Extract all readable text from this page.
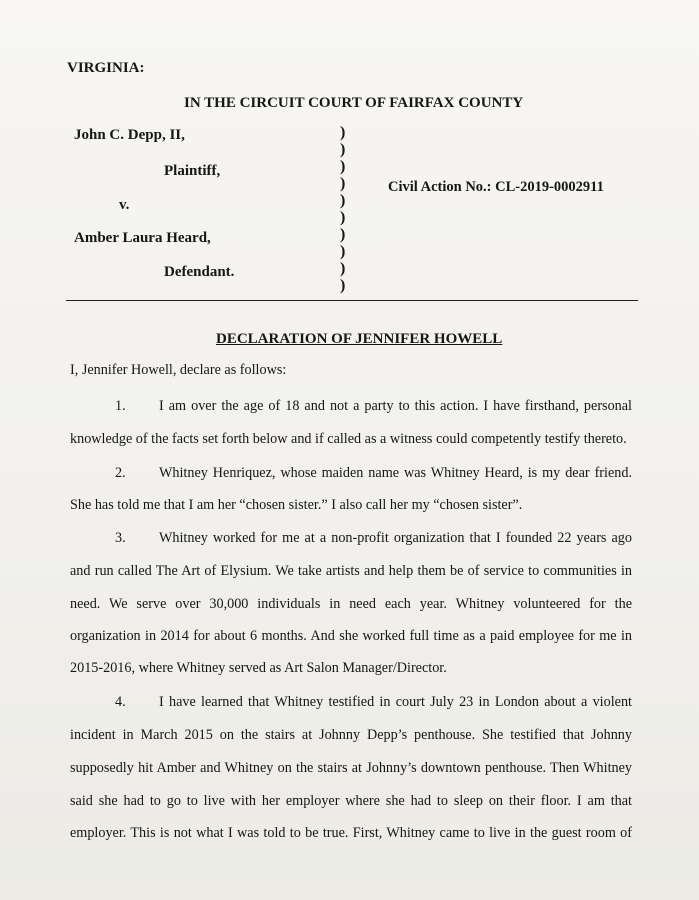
VIRGINIA:
IN THE CIRCUIT COURT OF FAIRFAX COUNTY
John C. Depp, II,
Plaintiff,
v.
Amber Laura Heard,
Defendant.
)
)
)
)
)
)
)
)
)
)
Civil Action No.: CL-2019-0002911
DECLARATION OF JENNIFER HOWELL
I, Jennifer Howell, declare as follows:
1. I am over the age of 18 and not a party to this action. I have firsthand, personal
knowledge of the facts set forth below and if called as a witness could competently testify thereto.
2. Whitney Henriquez, whose maiden name was Whitney Heard, is my dear friend.
She has told me that I am her “chosen sister.” I also call her my “chosen sister”.
3. Whitney worked for me at a non-profit organization that I founded 22 years ago
and run called The Art of Elysium. We take artists and help them be of service to communities in
need. We serve over 30,000 individuals in need each year. Whitney volunteered for the
organization in 2014 for about 6 months. And she worked full time as a paid employee for me in
2015-2016, where Whitney served as Art Salon Manager/Director.
4. I have learned that Whitney testified in court July 23 in London about a violent
incident in March 2015 on the stairs at Johnny Depp’s penthouse. She testified that Johnny
supposedly hit Amber and Whitney on the stairs at Johnny’s downtown penthouse. Then Whitney
said she had to go to live with her employer where she had to sleep on their floor. I am that
employer. This is not what I was told to be true. First, Whitney came to live in the guest room of
